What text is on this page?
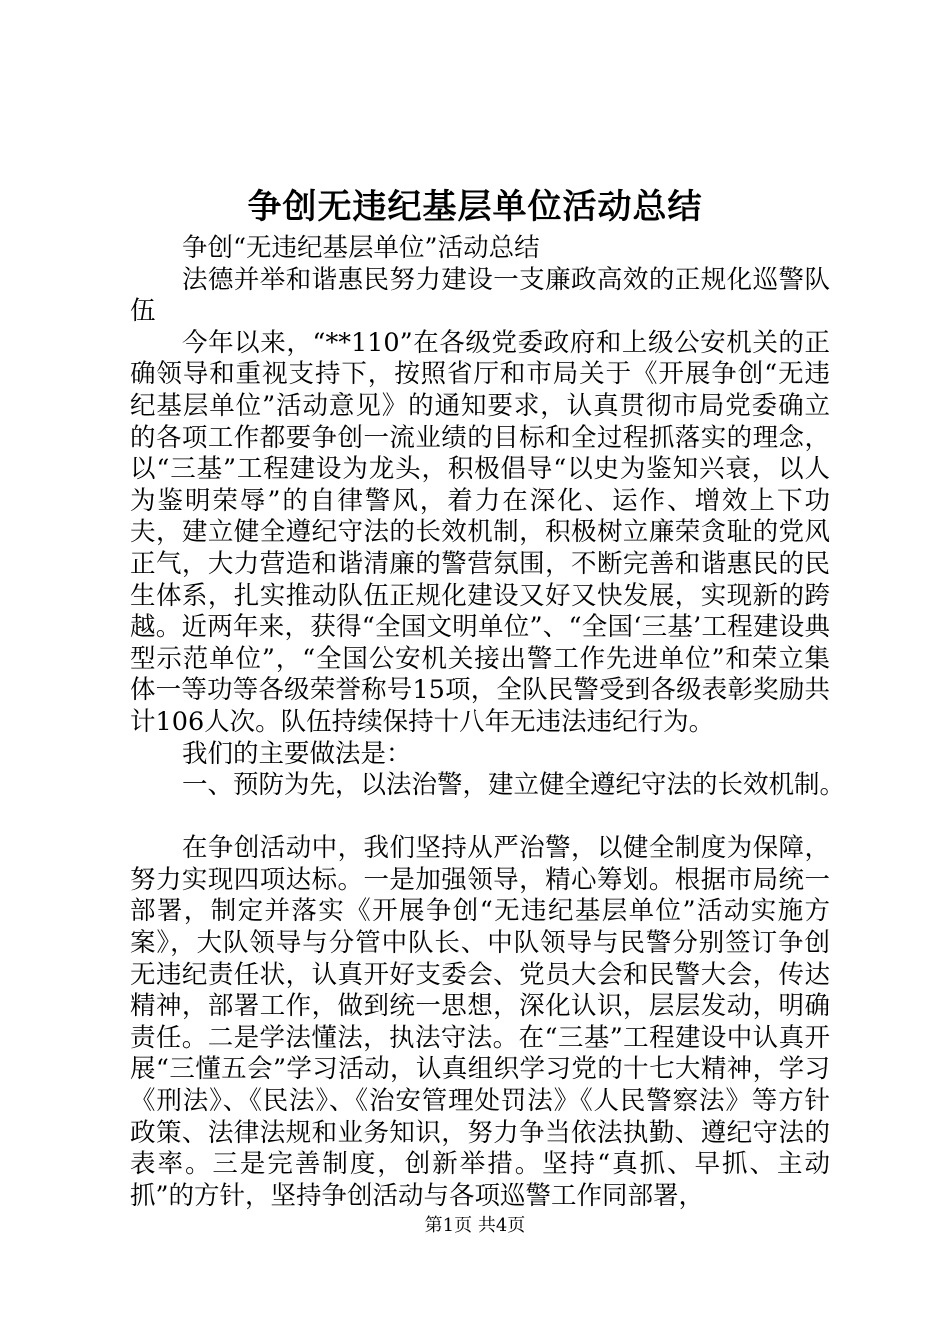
争创无违纪基层单位活动总结

争创“无违纪基层单位”活动总结

法德并举和谐惠民努力建设一支廉政高效的正规化巡警队伍

今年以来，“**110”在各级党委政府和上级公安机关的正确领导和重视支持下，按照省厅和市局关于《开展争创“无违纪基层单位”活动意见》的通知要求，认真贯彻市局党委确立的各项工作都要争创一流业绩的目标和全过程抓落实的理念，以“三基”工程建设为龙头，积极倡导“以史为鉴知兴衰，以人为鉴明荣辱”的自律警风，着力在深化、运作、增效上下功夫，建立健全遵纪守法的长效机制，积极树立廉荣贪耻的党风正气，大力营造和谐清廉的警营氛围，不断完善和谐惠民的民生体系，扎实推动队伍正规化建设又好又快发展，实现新的跨越。近两年来，获得“全国文明单位”、“全国‘三基’工程建设典型示范单位”，“全国公安机关接出警工作先进单位”和荣立集体一等功等各级荣誉称号15项，全队民警受到各级表彰奖励共计106人次。队伍持续保持十八年无违法违纪行为。

我们的主要做法是：

一、预防为先，以法治警，建立健全遵纪守法的长效机制。

在争创活动中，我们坚持从严治警，以健全制度为保障，努力实现四项达标。一是加强领导，精心筹划。根据市局统一部署，制定并落实《开展争创“无违纪基层单位”活动实施方案》，大队领导与分管中队长、中队领导与民警分别签订争创无违纪责任状，认真开好支委会、党员大会和民警大会，传达精神，部署工作，做到统一思想，深化认识，层层发动，明确责任。二是学法懂法，执法守法。在“三基”工程建设中认真开展“三懂五会”学习活动，认真组织学习党的十七大精神，学习《刑法》、《民法》、《治安管理处罚法》《人民警察法》等方针政策、法律法规和业务知识，努力争当依法执勤、遵纪守法的表率。三是完善制度，创新举措。坚持“真抓、早抓、主动抓”的方针，坚持争创活动与各项巡警工作同部署，

第1页 共4页
